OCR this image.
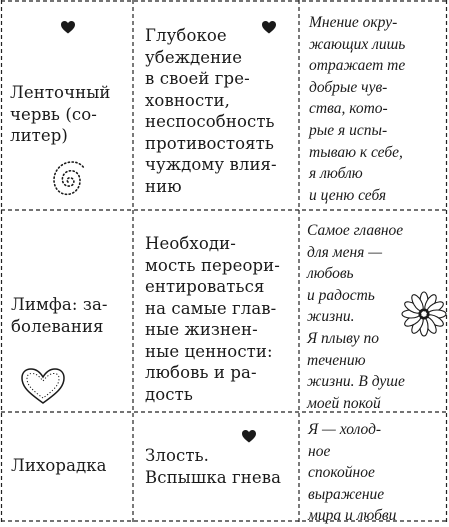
Ленточный
червь (со-
литер)
Глубокое
убеждение
в своей гре-
ховности,
неспособность
противостоять
чуждому влия-
нию
Мнение окру-
жающих лишь
отражает те
добрые чув-
ства, кото-
рые я испы-
тываю к себе,
я люблю
и ценю себя
Лимфа: за-
болевания
Необходи-
мость переори-
ентироваться
на самые глав-
ные жизнен-
ные ценности:
любовь и ра-
дость
Самое главное
для меня —
любовь
и радость
жизни.
Я плыву по
течению
жизни. В душе
моей покой
Лихорадка
Злость.
Вспышка гнева
Я — холод-
ное
спокойное
выражение
мира и любви
